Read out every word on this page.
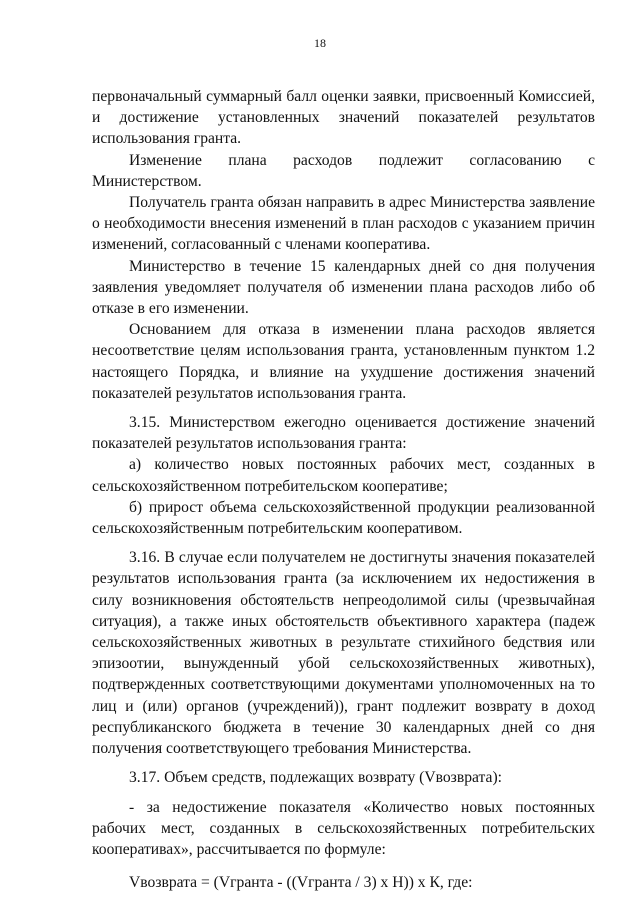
18

первоначальный суммарный балл оценки заявки, присвоенный Комиссией, и достижение установленных значений показателей результатов использования гранта.

Изменение плана расходов подлежит согласованию с Министерством.

Получатель гранта обязан направить в адрес Министерства заявление о необходимости внесения изменений в план расходов с указанием причин изменений, согласованный с членами кооператива.

Министерство в течение 15 календарных дней со дня получения заявления уведомляет получателя об изменении плана расходов либо об отказе в его изменении.

Основанием для отказа в изменении плана расходов является несоответствие целям использования гранта, установленным пунктом 1.2 настоящего Порядка, и влияние на ухудшение достижения значений показателей результатов использования гранта.

3.15. Министерством ежегодно оценивается достижение значений показателей результатов использования гранта:

а) количество новых постоянных рабочих мест, созданных в сельскохозяйственном потребительском кооперативе;

б) прирост объема сельскохозяйственной продукции реализованной сельскохозяйственным потребительским кооперативом.

3.16. В случае если получателем не достигнуты значения показателей результатов использования гранта (за исключением их недостижения в силу возникновения обстоятельств непреодолимой силы (чрезвычайная ситуация), а также иных обстоятельств объективного характера (падеж сельскохозяйственных животных в результате стихийного бедствия или эпизоотии, вынужденный убой сельскохозяйственных животных), подтвержденных соответствующими документами уполномоченных на то лиц и (или) органов (учреждений)), грант подлежит возврату в доход республиканского бюджета в течение 30 календарных дней со дня получения соответствующего требования Министерства.

3.17. Объем средств, подлежащих возврату (Vвозврата):

- за недостижение показателя «Количество новых постоянных рабочих мест, созданных в сельскохозяйственных потребительских кооперативах», рассчитывается по формуле:

Vвозврата = (Vгранта - ((Vгранта / 3) x Н)) x К, где:
